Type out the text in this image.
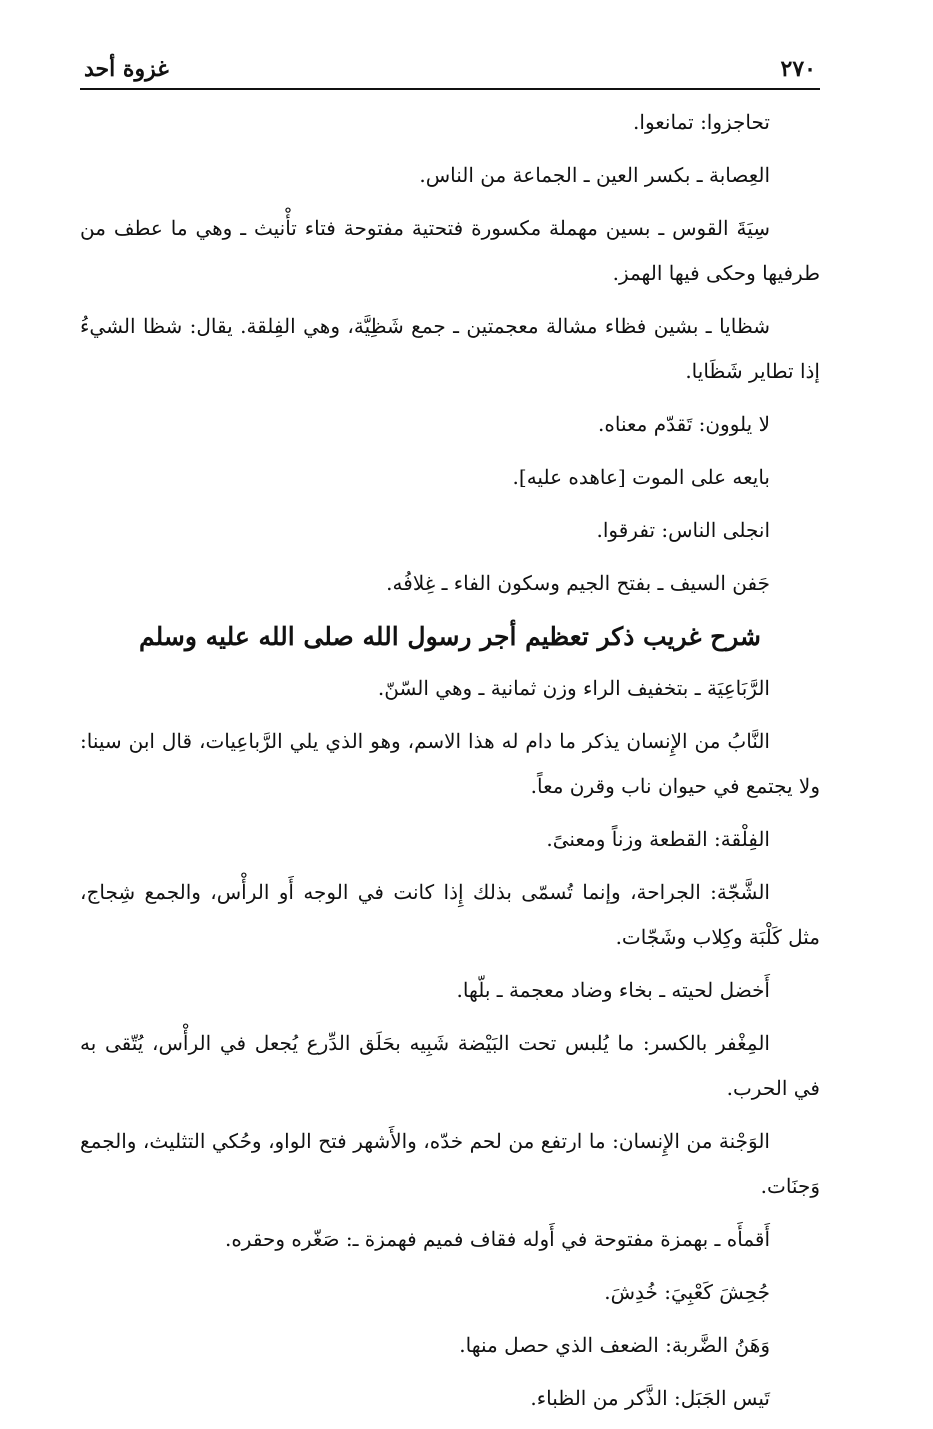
٢٧٠
غزوة أحد

تحاجزوا: تمانعوا.

العِصابة ـ بكسر العين ـ الجماعة من الناس.

سِيَةَ القوس ـ بسين مهملة مكسورة فتحتية مفتوحة فتاء تأْنيث ـ وهي ما عطف من طرفيها وحكى فيها الهمز.

شظايا ـ بشين فظاء مشالة معجمتين ـ جمع شَظِيَّة، وهي الفِلقة. يقال: شظا الشيءُ إذا تطاير شَظَايا.

لا يلوون: تَقدّم معناه.

بايعه على الموت [عاهده عليه].

انجلى الناس: تفرقوا.

جَفن السيف ـ بفتح الجيم وسكون الفاء ـ غِلافُه.

شرح غريب ذكر تعظيم أجر رسول الله صلى الله عليه وسلم

الرَّبَاعِيَة ـ بتخفيف الراء وزن ثمانية ـ وهي السّنّ.

النَّابُ من الإِنسان يذكر ما دام له هذا الاسم، وهو الذي يلي الرَّباعِيات، قال ابن سينا: ولا يجتمع في حيوان ناب وقرن معاً.

الفِلْقة: القطعة وزناً ومعنىً.

الشَّجّة: الجراحة، وإنما تُسمّى بذلك إِذا كانت في الوجه أَو الرأْس، والجمع شِجاج، مثل كَلْبَة وكِلاب وشَجّات.

أَخضل لحيته ـ بخاء وضاد معجمة ـ بلّها.

المِغْفر بالكسر: ما يُلبس تحت البَيْضة شَبِيه بحَلَق الدِّرع يُجعل في الرأْس، يُتّقى به في الحرب.

الوَجْنة من الإِنسان: ما ارتفع من لحم خدّه، والأَشهر فتح الواو، وحُكي التثليث، والجمع وَجنَات.

أَقمأَه ـ بهمزة مفتوحة في أَوله فقاف فميم فهمزة ـ: صَغّره وحقره.

جُحِشَ كَعْبِيَ: خُدِشَ.

وَهَنُ الضَّربة: الضعف الذي حصل منها.

تَيس الجَبَل: الذَّكر من الظباء.
